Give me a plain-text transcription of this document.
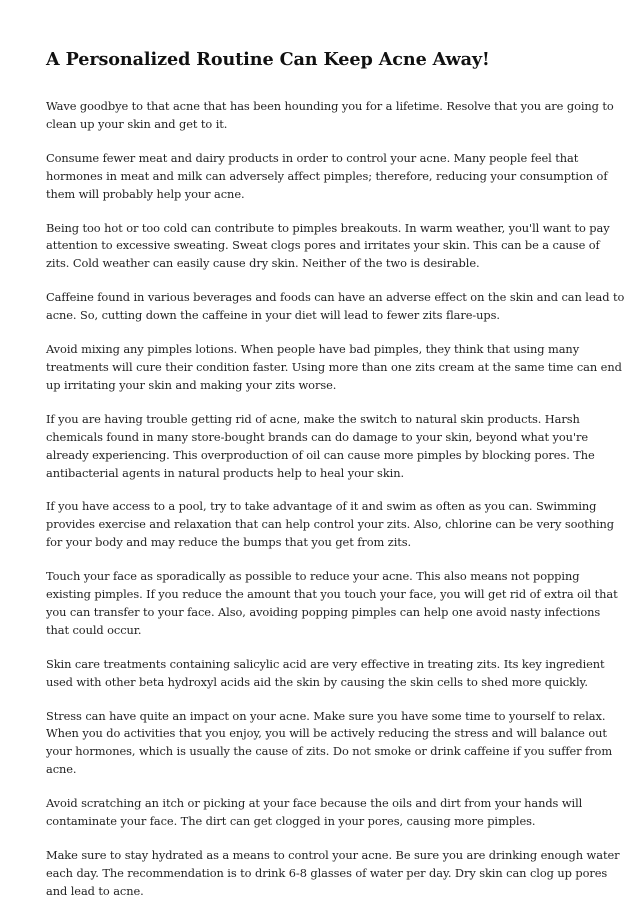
A Personalized Routine Can Keep Acne Away!

Wave goodbye to that acne that has been hounding you for a lifetime. Resolve that you are going to
clean up your skin and get to it.

Consume fewer meat and dairy products in order to control your acne. Many people feel that
hormones in meat and milk can adversely affect pimples; therefore, reducing your consumption of
them will probably help your acne.

Being too hot or too cold can contribute to pimples breakouts. In warm weather, you'll want to pay
attention to excessive sweating. Sweat clogs pores and irritates your skin. This can be a cause of
zits. Cold weather can easily cause dry skin. Neither of the two is desirable.

Caffeine found in various beverages and foods can have an adverse effect on the skin and can lead to
acne. So, cutting down the caffeine in your diet will lead to fewer zits flare-ups.

Avoid mixing any pimples lotions. When people have bad pimples, they think that using many
treatments will cure their condition faster. Using more than one zits cream at the same time can end
up irritating your skin and making your zits worse.

If you are having trouble getting rid of acne, make the switch to natural skin products. Harsh
chemicals found in many store-bought brands can do damage to your skin, beyond what you're
already experiencing. This overproduction of oil can cause more pimples by blocking pores. The
antibacterial agents in natural products help to heal your skin.

If you have access to a pool, try to take advantage of it and swim as often as you can. Swimming
provides exercise and relaxation that can help control your zits. Also, chlorine can be very soothing
for your body and may reduce the bumps that you get from zits.

Touch your face as sporadically as possible to reduce your acne. This also means not popping
existing pimples. If you reduce the amount that you touch your face, you will get rid of extra oil that
you can transfer to your face. Also, avoiding popping pimples can help one avoid nasty infections
that could occur.

Skin care treatments containing salicylic acid are very effective in treating zits. Its key ingredient
used with other beta hydroxyl acids aid the skin by causing the skin cells to shed more quickly.

Stress can have quite an impact on your acne. Make sure you have some time to yourself to relax.
When you do activities that you enjoy, you will be actively reducing the stress and will balance out
your hormones, which is usually the cause of zits. Do not smoke or drink caffeine if you suffer from
acne.

Avoid scratching an itch or picking at your face because the oils and dirt from your hands will
contaminate your face. The dirt can get clogged in your pores, causing more pimples.

Make sure to stay hydrated as a means to control your acne. Be sure you are drinking enough water
each day. The recommendation is to drink 6-8 glasses of water per day. Dry skin can clog up pores
and lead to acne.
